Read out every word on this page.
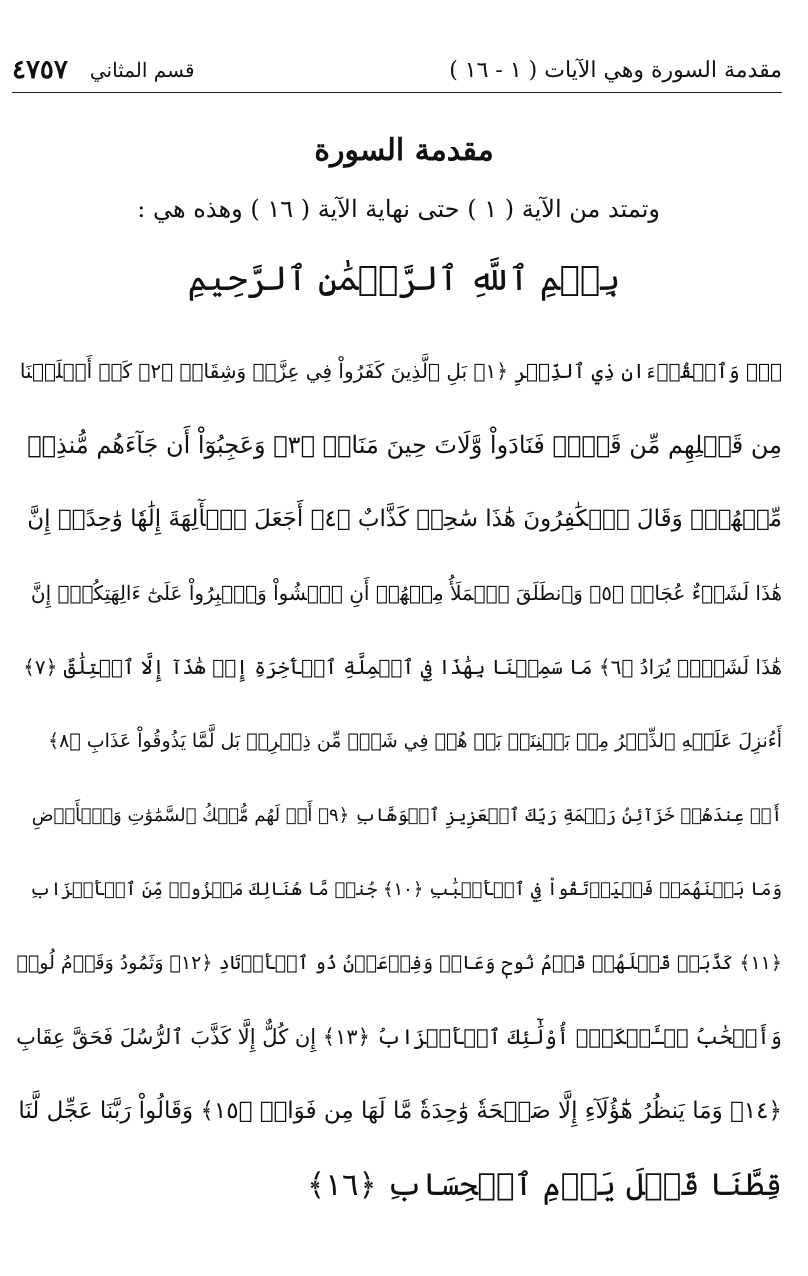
مقدمة السورة وهي الآيات ( ١ - ١٦ )
قسم المثاني
٤٧٥٧
مقدمة السورة
وتمتد من الآية ( ١ ) حتى نهاية الآية ( ١٦ ) وهذه هي :
بِسۡمِ ٱللَّهِ ٱلرَّحۡمَٰنِ ٱلرَّحِيمِ
صٓۚ وَٱلۡقُرۡءَانِ ذِي ٱلذِّكۡرِ ﴿١﴾ بَلِ ٱلَّذِينَ كَفَرُواْ فِي عِزَّةٖ وَشِقَاقٖ ﴿٢﴾ كَمۡ أَهۡلَكۡنَا
مِن قَبۡلِهِم مِّن قَرۡنٖ فَنَادَواْ وَّلَاتَ حِينَ مَنَاصٖ ﴿٣﴾ وَعَجِبُوٓاْ أَن جَآءَهُم مُّنذِرٞ
مِّنۡهُمۡۖ وَقَالَ ٱلۡكَٰفِرُونَ هَٰذَا سَٰحِرٞ كَذَّابٌ ﴿٤﴾ أَجَعَلَ ٱلۡأٓلِهَةَ إِلَٰهٗا وَٰحِدًاۖ إِنَّ
هَٰذَا لَشَيۡءٌ عُجَابٞ ﴿٥﴾ وَٱنطَلَقَ ٱلۡمَلَأُ مِنۡهُمۡ أَنِ ٱمۡشُواْ وَٱصۡبِرُواْ عَلَىٰٓ ءَالِهَتِكُمۡۖ إِنَّ
هَٰذَا لَشَيۡءٞ يُرَادُ ﴿٦﴾ مَا سَمِعۡنَا بِهَٰذَا فِي ٱلۡمِلَّةِ ٱلۡأٓخِرَةِ إِنۡ هَٰذَآ إِلَّا ٱخۡتِلَٰقٌ ﴿٧﴾
أَءُنزِلَ عَلَيۡهِ ٱلذِّكۡرُ مِنۢ بَيۡنِنَاۚ بَلۡ هُمۡ فِي شَكّٖ مِّن ذِكۡرِيۖ بَل لَّمَّا يَذُوقُواْ عَذَابِ ﴿٨﴾
أَمۡ عِندَهُمۡ خَزَآئِنُ رَحۡمَةِ رَبِّكَ ٱلۡعَزِيزِ ٱلۡوَهَّابِ ﴿٩﴾ أَمۡ لَهُم مُّلۡكُ ٱلسَّمَٰوَٰتِ وَٱلۡأَرۡضِ
وَمَا بَيۡنَهُمَاۖ فَلۡيَرۡتَقُواْ فِي ٱلۡأَسۡبَٰبِ ﴿١٠﴾ جُندٞ مَّا هُنَالِكَ مَهۡزُومٞ مِّنَ ٱلۡأَحۡزَابِ
﴿١١﴾ كَذَّبَتۡ قَبۡلَهُمۡ قَوۡمُ نُوحٖ وَعَادٞ وَفِرۡعَوۡنُ ذُو ٱلۡأَوۡتَادِ ﴿١٢﴾ وَثَمُودُ وَقَوۡمُ لُوطٖ
وَأَصۡحَٰبُ لۡـَٔيۡكَةِۚ أُوْلَٰٓئِكَ ٱلۡأَحۡزَابُ ﴿١٣﴾ إِن كُلٌّ إِلَّا كَذَّبَ ٱلرُّسُلَ فَحَقَّ عِقَابِ
﴿١٤﴾ وَمَا يَنظُرُ هَٰٓؤُلَآءِ إِلَّا صَيۡحَةٗ وَٰحِدَةٗ مَّا لَهَا مِن فَوَاقٖ ﴿١٥﴾ وَقَالُواْ رَبَّنَا عَجِّل لَّنَا
قِطَّنَا قَبۡلَ يَوۡمِ ٱلۡحِسَابِ ﴿١٦﴾
